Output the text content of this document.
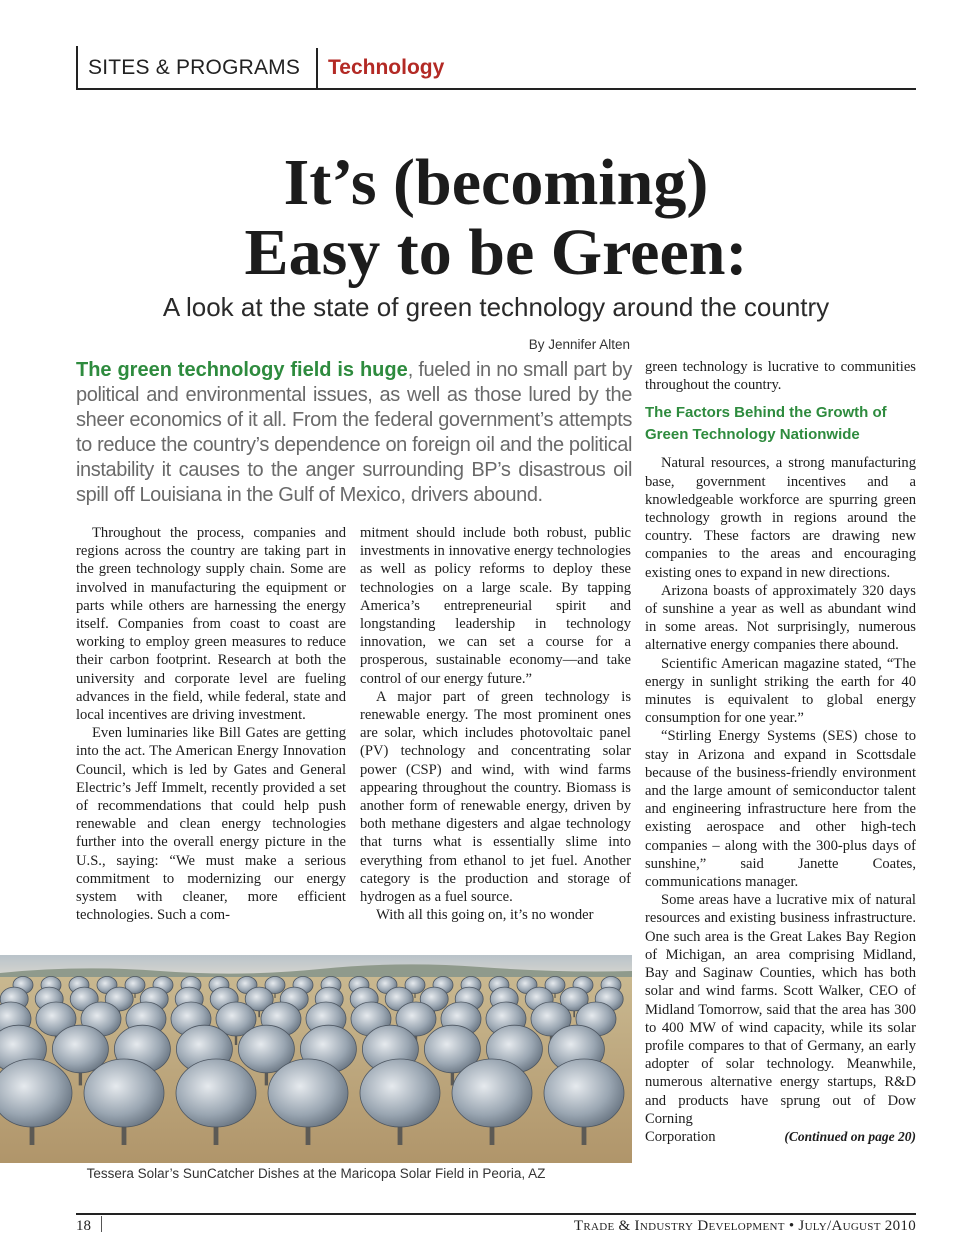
SITES & PROGRAMS Technology
It’s (becoming)
Easy to be Green:
A look at the state of green technology around the country
By Jennifer Alten

The green technology field is huge, fueled in no small part by political and environmental issues, as well as those lured by the sheer economics of it all. From the federal government’s attempts to reduce the country’s dependence on foreign oil and the political instability it causes to the anger surrounding BP’s disastrous oil spill off Louisiana in the Gulf of Mexico, drivers abound.

Throughout the process, companies and regions across the country are taking part in the green technology supply chain. Some are involved in manufacturing the equipment or parts while others are harnessing the energy itself. Companies from coast to coast are working to employ green measures to reduce their carbon footprint. Research at both the university and corporate level are fueling advances in the field, while federal, state and local incentives are driving investment.

Even luminaries like Bill Gates are getting into the act. The American Energy Innovation Council, which is led by Gates and General Electric’s Jeff Immelt, recently provided a set of recommendations that could help push renewable and clean energy technologies further into the overall energy picture in the U.S., saying: “We must make a serious commitment to modernizing our energy system with cleaner, more efficient technologies. Such a com-

mitment should include both robust, public investments in innovative energy technologies as well as policy reforms to deploy these technologies on a large scale. By tapping America’s entrepreneurial spirit and longstanding leadership in technology innovation, we can set a course for a prosperous, sustainable economy—and take control of our energy future.”

A major part of green technology is renewable energy. The most prominent ones are solar, which includes photovoltaic panel (PV) technology and concentrating solar power (CSP) and wind, with wind farms appearing throughout the country. Biomass is another form of renewable energy, driven by both methane digesters and algae technology that turns what is essentially slime into everything from ethanol to jet fuel. Another category is the production and storage of hydrogen as a fuel source.

With all this going on, it’s no wonder

green technology is lucrative to communities throughout the country.

The Factors Behind the Growth of Green Technology Nationwide

Natural resources, a strong manufacturing base, government incentives and a knowledgeable workforce are spurring green technology growth in regions around the country. These factors are drawing new companies to the areas and encouraging existing ones to expand in new directions.

Arizona boasts of approximately 320 days of sunshine a year as well as abundant wind in some areas. Not surprisingly, numerous alternative energy companies there abound.

Scientific American magazine stated, “The energy in sunlight striking the earth for 40 minutes is equivalent to global energy consumption for one year.”

“Stirling Energy Systems (SES) chose to stay in Arizona and expand in Scottsdale because of the business-friendly environment and the large amount of semiconductor talent and engineering infrastructure here from the existing aerospace and other high-tech companies – along with the 300-plus days of sunshine,” said Janette Coates, communications manager.

Some areas have a lucrative mix of natural resources and existing business infrastructure. One such area is the Great Lakes Bay Region of Michigan, an area comprising Midland, Bay and Saginaw Counties, which has both solar and wind farms. Scott Walker, CEO of Midland Tomorrow, said that the area has 300 to 400 MW of wind capacity, while its solar profile compares to that of Germany, an early adopter of solar technology. Meanwhile, numerous alternative energy startups, R&D and products have sprung out of Dow Corning

Corporation	(Continued on page 20)
Tessera Solar’s SunCatcher Dishes at the Maricopa Solar Field in Peoria, AZ
18	Trade & Industry Development • July/August 2010
